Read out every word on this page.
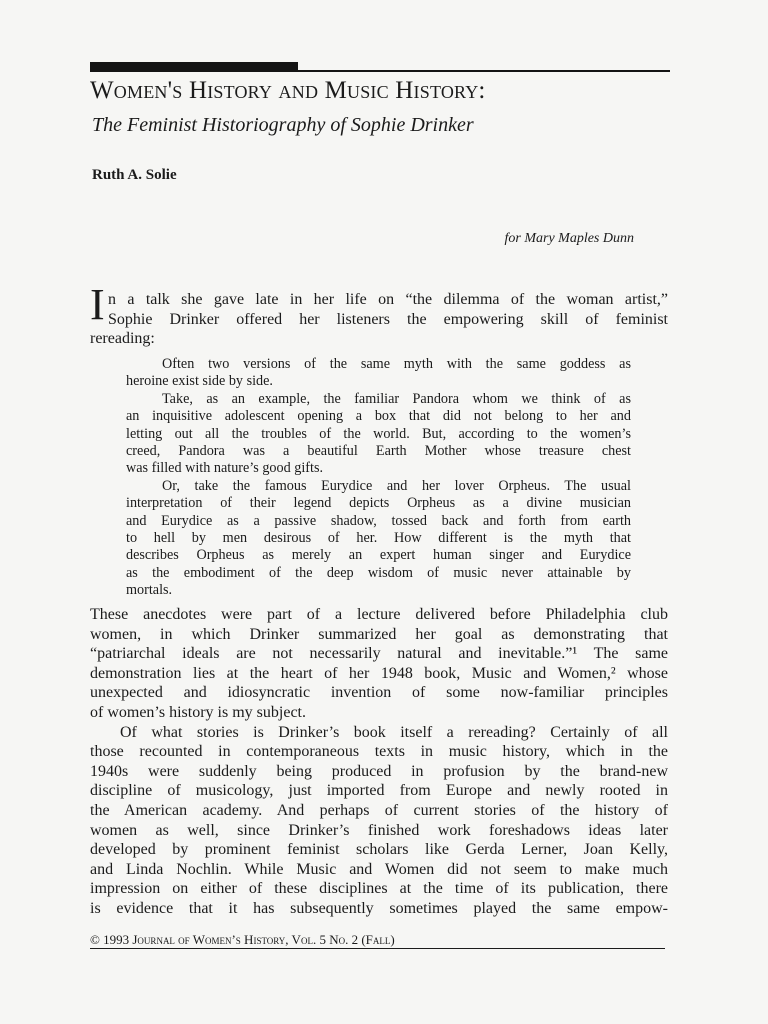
Women's History and Music History:
The Feminist Historiography of Sophie Drinker
Ruth A. Solie
for Mary Maples Dunn
I n a talk she gave late in her life on “the dilemma of the woman artist,”
Sophie Drinker offered her listeners the empowering skill of feminist
rereading:
Often two versions of the same myth with the same goddess as
heroine exist side by side.
Take, as an example, the familiar Pandora whom we think of as
an inquisitive adolescent opening a box that did not belong to her and
letting out all the troubles of the world. But, according to the women’s
creed, Pandora was a beautiful Earth Mother whose treasure chest
was filled with nature’s good gifts.
Or, take the famous Eurydice and her lover Orpheus. The usual
interpretation of their legend depicts Orpheus as a divine musician
and Eurydice as a passive shadow, tossed back and forth from earth
to hell by men desirous of her. How different is the myth that
describes Orpheus as merely an expert human singer and Eurydice
as the embodiment of the deep wisdom of music never attainable by
mortals.
These anecdotes were part of a lecture delivered before Philadelphia club
women, in which Drinker summarized her goal as demonstrating that
“patriarchal ideals are not necessarily natural and inevitable.”¹ The same
demonstration lies at the heart of her 1948 book, Music and Women,² whose
unexpected and idiosyncratic invention of some now-familiar principles
of women’s history is my subject.
Of what stories is Drinker’s book itself a rereading? Certainly of all
those recounted in contemporaneous texts in music history, which in the
1940s were suddenly being produced in profusion by the brand-new
discipline of musicology, just imported from Europe and newly rooted in
the American academy. And perhaps of current stories of the history of
women as well, since Drinker’s finished work foreshadows ideas later
developed by prominent feminist scholars like Gerda Lerner, Joan Kelly,
and Linda Nochlin. While Music and Women did not seem to make much
impression on either of these disciplines at the time of its publication, there
is evidence that it has subsequently sometimes played the same empow-
© 1993 Journal of Women’s History, Vol. 5 No. 2 (Fall)
